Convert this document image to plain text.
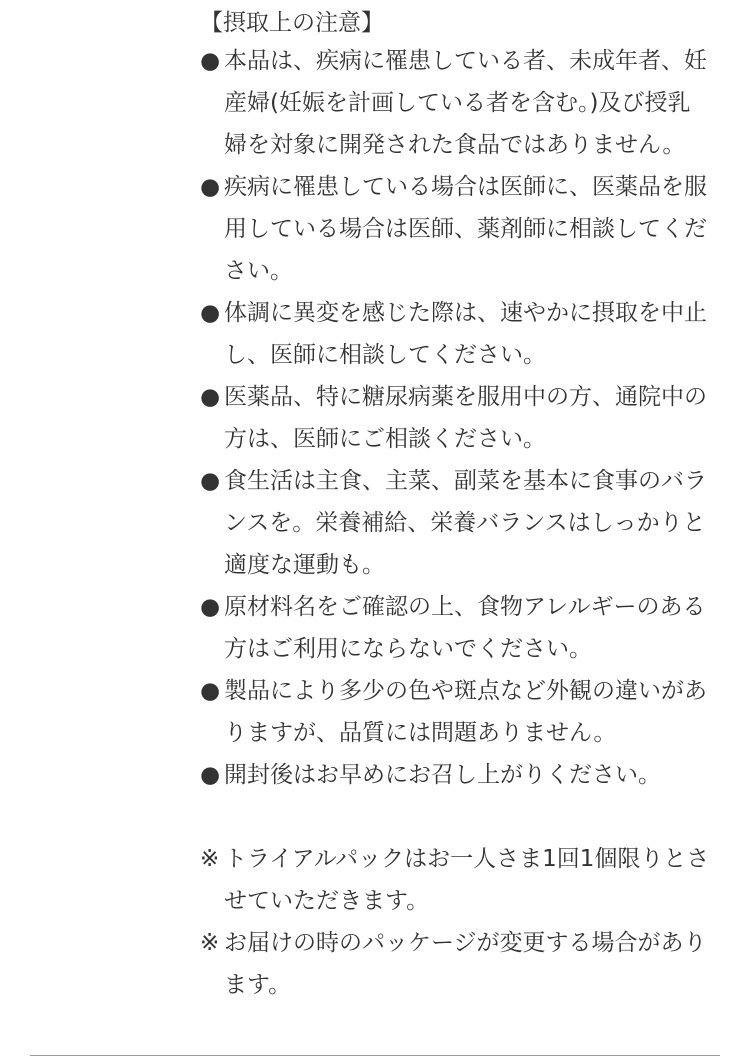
【摂取上の注意】
● 本品は、疾病に罹患している者、未成年者、妊産婦(妊娠を計画している者を含む。)及び授乳婦を対象に開発された食品ではありません。
● 疾病に罹患している場合は医師に、医薬品を服用している場合は医師、薬剤師に相談してください。
● 体調に異変を感じた際は、速やかに摂取を中止し、医師に相談してください。
● 医薬品、特に糖尿病薬を服用中の方、通院中の方は、医師にご相談ください。
● 食生活は主食、主菜、副菜を基本に食事のバランスを。栄養補給、栄養バランスはしっかりと適度な運動も。
● 原材料名をご確認の上、食物アレルギーのある方はご利用にならないでください。
● 製品により多少の色や斑点など外観の違いがありますが、品質には問題ありません。
● 開封後はお早めにお召し上がりください。
※ トライアルパックはお一人さま1回1個限りとさせていただきます。
※ お届けの時のパッケージが変更する場合があります。
